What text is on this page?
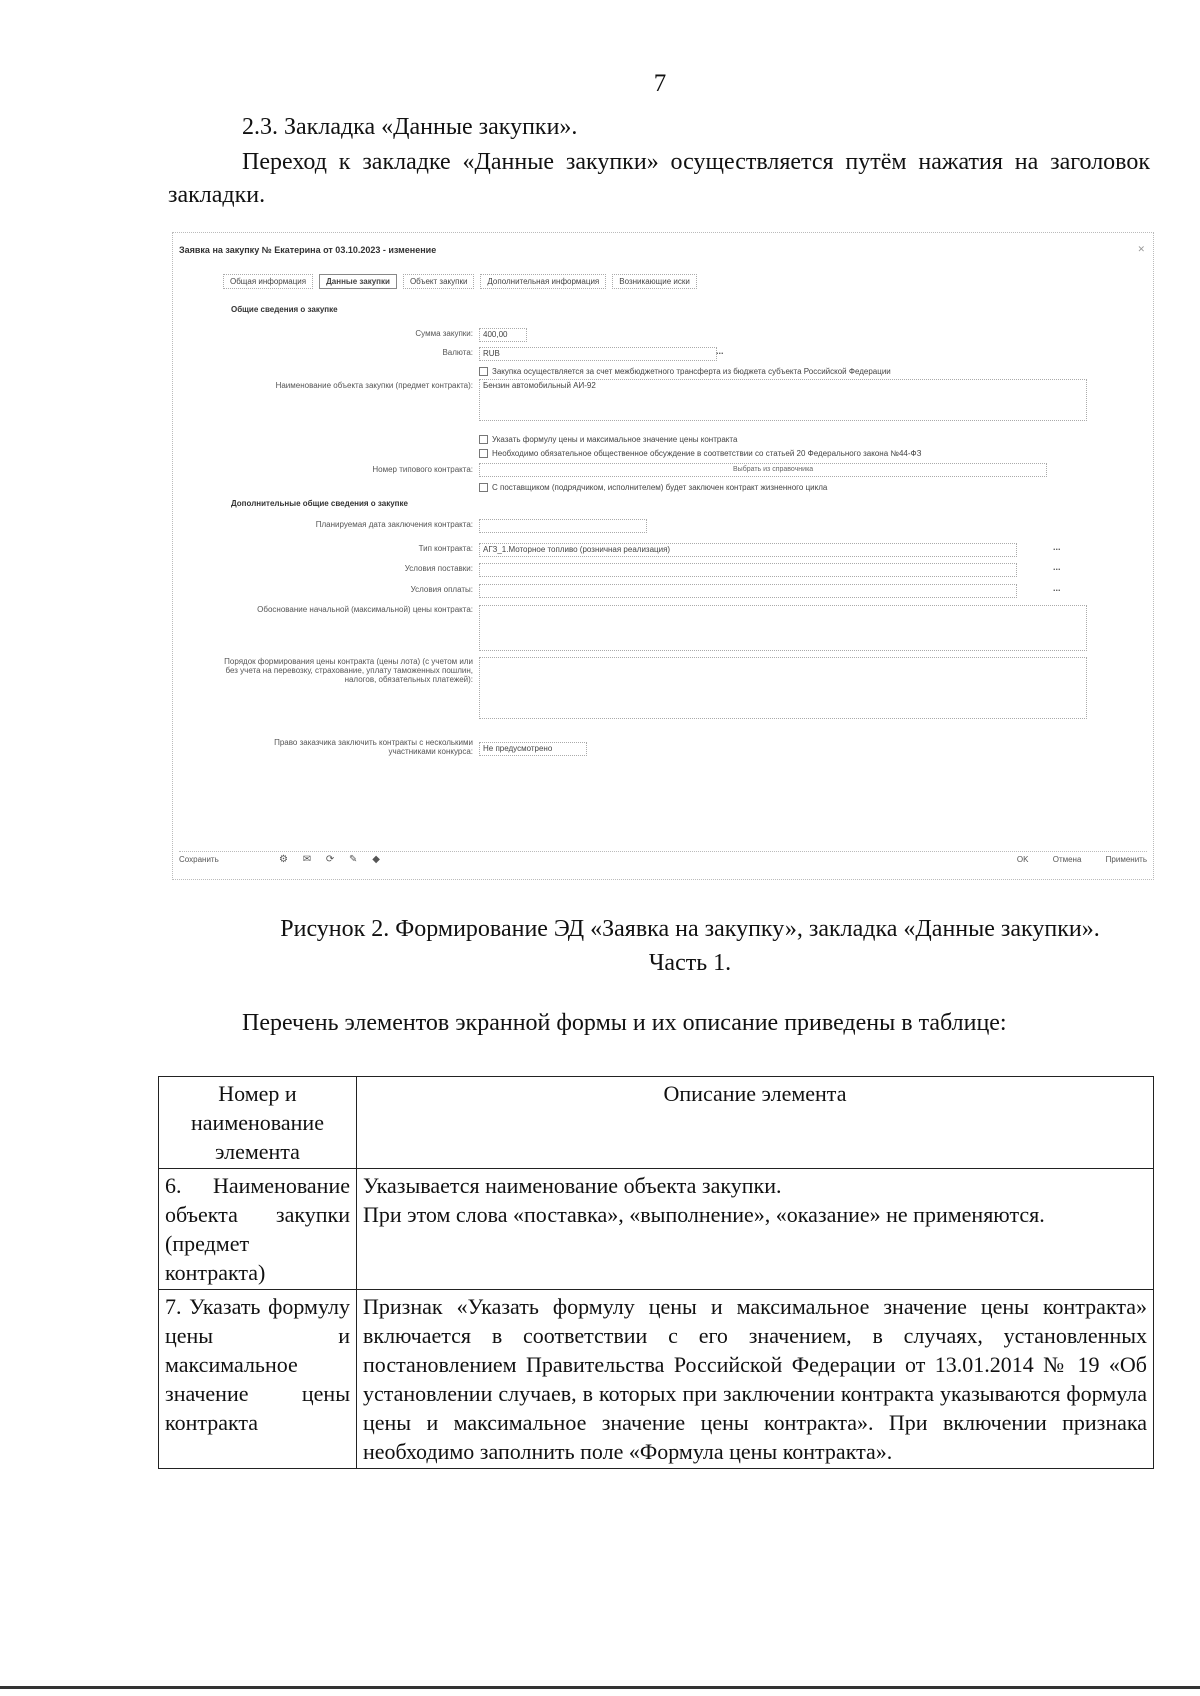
7
2.3. Закладка «Данные закупки».
Переход к закладке «Данные закупки» осуществляется путём нажатия на заголовок закладки.
Заявка на закупку № Екатерина от 03.10.2023 - изменение	✕
Общая информация	Данные закупки	Объект закупки	Дополнительная информация	Возникающие иски
Общие сведения о закупке
Сумма закупки:	400,00
Валюта:	RUB	...
Закупка осуществляется за счет межбюджетного трансферта из бюджета субъекта Российской Федерации
Наименование объекта закупки (предмет контракта):	Бензин автомобильный АИ-92
Указать формулу цены и максимальное значение цены контракта
Необходимо обязательное общественное обсуждение в соответствии со статьей 20 Федерального закона №44-ФЗ
Номер типового контракта:	Выбрать из справочника
С поставщиком (подрядчиком, исполнителем) будет заключен контракт жизненного цикла
Дополнительные общие сведения о закупке
Планируемая дата заключения контракта:
Тип контракта:	АГЗ_1.Моторное топливо (розничная реализация)	...
Условия поставки:	...
Условия оплаты:	...
Обоснование начальной (максимальной) цены контракта:
Порядок формирования цены контракта (цены лота) (с учетом или без учета на перевозку, страхование, уплату таможенных пошлин, налогов, обязательных платежей):
Право заказчика заключить контракты с несколькими участниками конкурса:	Не предусмотрено
Сохранить	⚙ ✉ ⟳ ✎ ◆	OK	Отмена	Применить
Рисунок 2. Формирование ЭД «Заявка на закупку», закладка «Данные закупки». Часть 1.
Перечень элементов экранной формы и их описание приведены в таблице:
Номер и наименование элемента	Описание элемента
6. Наименование объекта закупки (предмет контракта)	Указывается наименование объекта закупки.
При этом слова «поставка», «выполнение», «оказание» не применяются.

7. Указать формулу цены и максимальное значение цены контракта	Признак «Указать формулу цены и максимальное значение цены контракта» включается в соответствии с его значением, в случаях, установленных постановлением Правительства Российской Федерации от 13.01.2014 № 19 «Об установлении случаев, в которых при заключении контракта указываются формула цены и максимальное значение цены контракта». При включении признака необходимо заполнить поле «Формула цены контракта».
